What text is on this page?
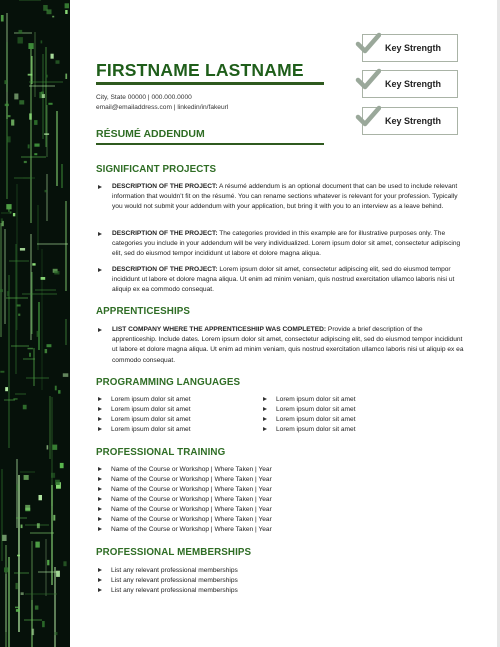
FIRSTNAME LASTNAME
City, State 00000 | 000.000.0000
email@emailaddress.com | linkedin/in/fakeurl
RÉSUMÉ ADDENDUM
Key Strength
Key Strength
Key Strength
SIGNIFICANT PROJECTS
DESCRIPTION OF THE PROJECT: A résumé addendum is an optional document that can be used to include relevant information that wouldn’t fit on the résumé. You can rename sections whatever is relevant for your profession. Typically you would not submit your addendum with your application, but bring it with you to an interview as a leave behind.
DESCRIPTION OF THE PROJECT: The categories provided in this example are for illustrative purposes only. The categories you include in your addendum will be very individualized. Lorem ipsum dolor sit amet, consectetur adipiscing elit, sed do eiusmod tempor incididunt ut labore et dolore magna aliqua.
DESCRIPTION OF THE PROJECT: Lorem ipsum dolor sit amet, consectetur adipiscing elit, sed do eiusmod tempor incididunt ut labore et dolore magna aliqua. Ut enim ad minim veniam, quis nostrud exercitation ullamco laboris nisi ut aliquip ex ea commodo consequat.
APPRENTICESHIPS
LIST COMPANY WHERE THE APPRENTICESHIIP WAS COMPLETED: Provide a brief description of the apprenticeship. Include dates. Lorem ipsum dolor sit amet, consectetur adipiscing elit, sed do eiusmod tempor incididunt ut labore et dolore magna aliqua. Ut enim ad minim veniam, quis nostrud exercitation ullamco laboris nisi ut aliquip ex ea commodo consequat.
PROGRAMMING LANGUAGES
Lorem ipsum dolor sit amet
Lorem ipsum dolor sit amet
Lorem ipsum dolor sit amet
Lorem ipsum dolor sit amet
Lorem ipsum dolor sit amet
Lorem ipsum dolor sit amet
Lorem ipsum dolor sit amet
Lorem ipsum dolor sit amet
PROFESSIONAL TRAINING
Name of the Course or Workshop | Where Taken | Year
Name of the Course or Workshop | Where Taken | Year
Name of the Course or Workshop | Where Taken | Year
Name of the Course or Workshop | Where Taken | Year
Name of the Course or Workshop | Where Taken | Year
Name of the Course or Workshop | Where Taken | Year
Name of the Course or Workshop | Where Taken | Year
PROFESSIONAL MEMBERSHIPS
List any relevant professional memberships
List any relevant professional memberships
List any relevant professional memberships
